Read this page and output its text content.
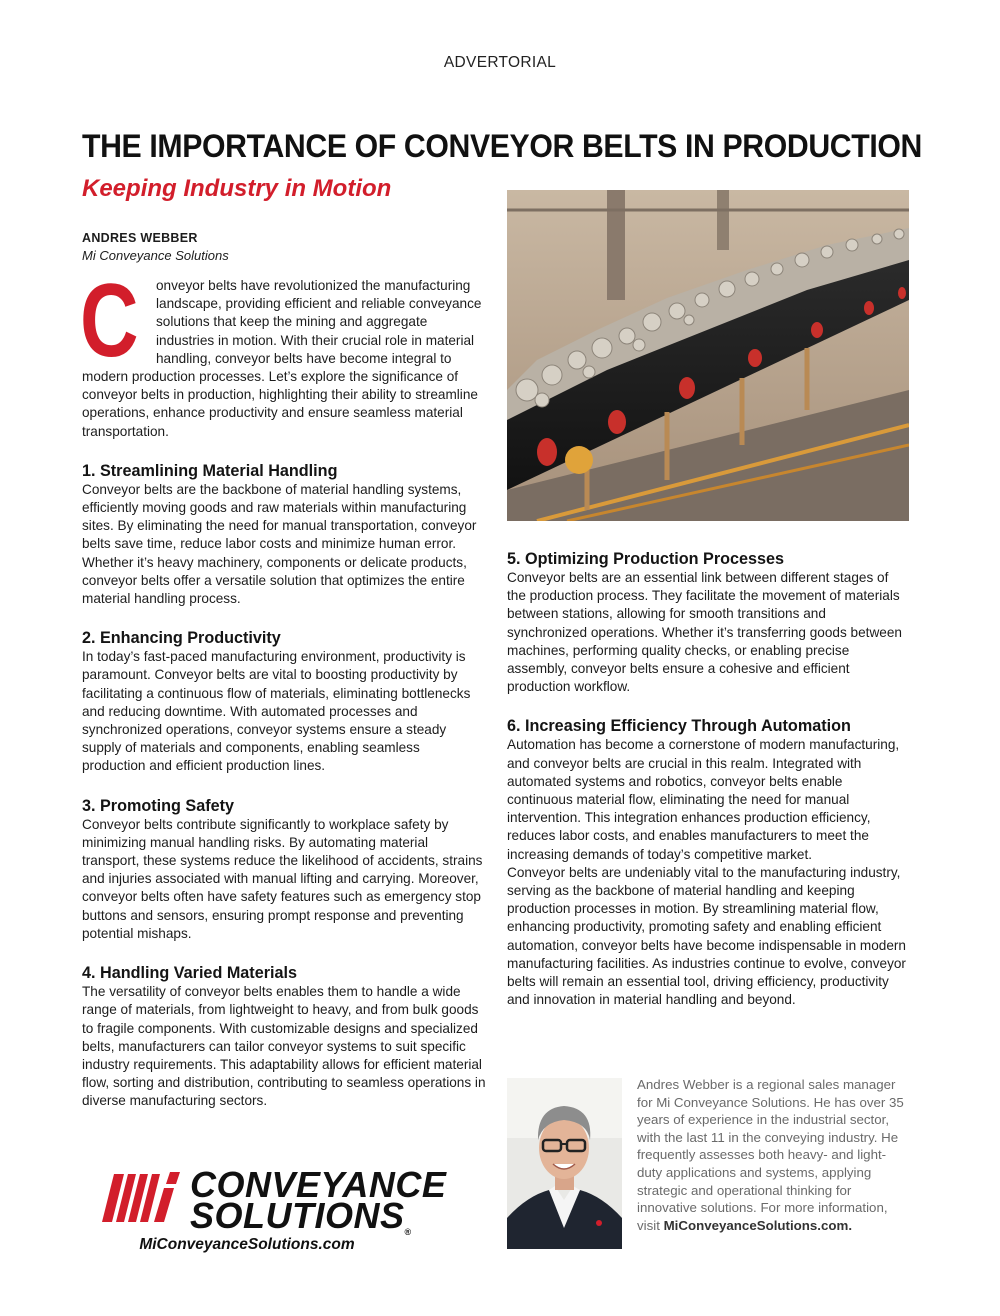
ADVERTORIAL
THE IMPORTANCE OF CONVEYOR BELTS IN PRODUCTION
Keeping Industry in Motion
ANDRES WEBBER
Mi Conveyance Solutions

C onveyor belts have revolutionized the manufacturing landscape, providing efficient and reliable conveyance solutions that keep the mining and aggregate industries in motion. With their crucial role in material handling, conveyor belts have become integral to modern production processes. Let’s explore the significance of conveyor belts in production, highlighting their ability to streamline operations, enhance productivity and ensure seamless material transportation.

1. Streamlining Material Handling

Conveyor belts are the backbone of material handling systems, efficiently moving goods and raw materials within manufacturing sites. By eliminating the need for manual transportation, conveyor belts save time, reduce labor costs and minimize human error. Whether it’s heavy machinery, components or delicate products, conveyor belts offer a versatile solution that optimizes the entire material handling process.

2. Enhancing Productivity

In today’s fast-paced manufacturing environment, productivity is paramount. Conveyor belts are vital to boosting productivity by facilitating a continuous flow of materials, eliminating bottlenecks and reducing downtime. With automated processes and synchronized operations, conveyor systems ensure a steady supply of materials and components, enabling seamless production and efficient production lines.

3. Promoting Safety

Conveyor belts contribute significantly to workplace safety by minimizing manual handling risks. By automating material transport, these systems reduce the likelihood of accidents, strains and injuries associated with manual lifting and carrying. Moreover, conveyor belts often have safety features such as emergency stop buttons and sensors, ensuring prompt response and preventing potential mishaps.

4. Handling Varied Materials

The versatility of conveyor belts enables them to handle a wide range of materials, from lightweight to heavy, and from bulk goods to fragile components. With customizable designs and specialized belts, manufacturers can tailor conveyor systems to suit specific industry requirements. This adaptability allows for efficient material flow, sorting and distribution, contributing to seamless operations in diverse manufacturing sectors.

5. Optimizing Production Processes

Conveyor belts are an essential link between different stages of the production process. They facilitate the movement of materials between stations, allowing for smooth transitions and synchronized operations. Whether it’s transferring goods between machines, performing quality checks, or enabling precise assembly, conveyor belts ensure a cohesive and efficient production workflow.

6. Increasing Efficiency Through Automation

Automation has become a cornerstone of modern manufacturing, and conveyor belts are crucial in this realm. Integrated with automated systems and robotics, conveyor belts enable continuous material flow, eliminating the need for manual intervention. This integration enhances production efficiency, reduces labor costs, and enables manufacturers to meet the increasing demands of today’s competitive market.

Conveyor belts are undeniably vital to the manufacturing industry, serving as the backbone of material handling and keeping production processes in motion. By streamlining material flow, enhancing productivity, promoting safety and enabling efficient automation, conveyor belts have become indispensable in modern manufacturing facilities. As industries continue to evolve, conveyor belts will remain an essential tool, driving efficiency, productivity and innovation in material handling and beyond.

Andres Webber is a regional sales manager for Mi Conveyance Solutions. He has over 35 years of experience in the industrial sector, with the last 11 in the conveying industry. He frequently assesses both heavy- and light-duty applications and systems, applying strategic and operational thinking for innovative solutions. For more information, visit MiConveyanceSolutions.com.
CONVEYANCE
SOLUTIONS®
MiConveyanceSolutions.com
